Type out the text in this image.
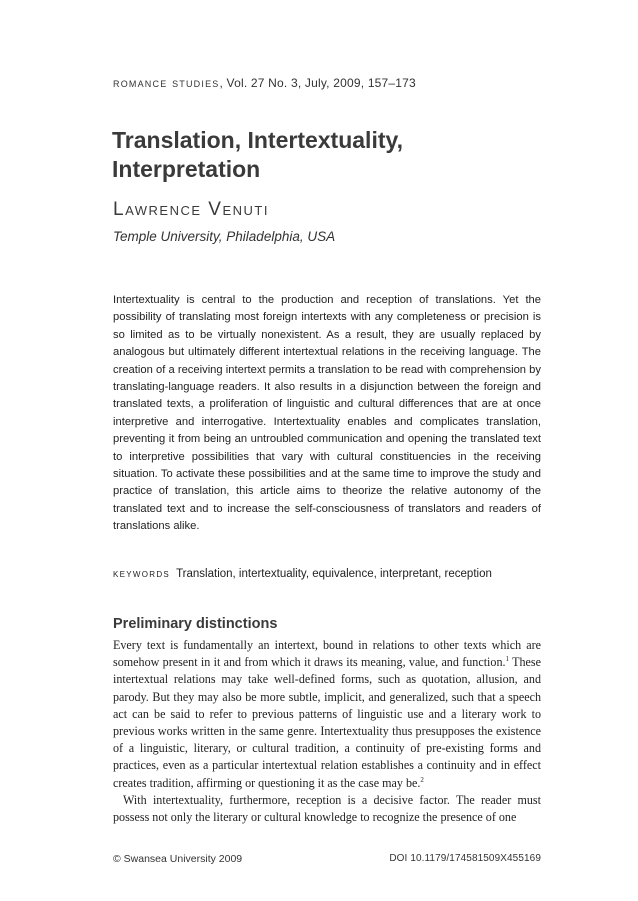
romance studies, Vol. 27 No. 3, July, 2009, 157–173
Translation, Intertextuality, Interpretation

Lawrence Venuti

Temple University, Philadelphia, USA

Intertextuality is central to the production and reception of translations. Yet the possibility of translating most foreign intertexts with any completeness or precision is so limited as to be virtually nonexistent. As a result, they are usually replaced by analogous but ultimately different intertextual relations in the receiving language. The creation of a receiving intertext permits a translation to be read with comprehension by translating-language readers. It also results in a disjunction between the foreign and translated texts, a proliferation of linguistic and cultural differences that are at once interpretive and interrogative. Intertextuality enables and complicates translation, preventing it from being an untroubled communication and opening the translated text to interpretive possibilities that vary with cultural constituencies in the receiving situation. To activate these possibilities and at the same time to improve the study and practice of translation, this article aims to theorize the relative autonomy of the translated text and to increase the self-consciousness of translators and readers of translations alike.

keywords Translation, intertextuality, equivalence, interpretant, reception

Preliminary distinctions

Every text is fundamentally an intertext, bound in relations to other texts which are somehow present in it and from which it draws its meaning, value, and function.$^1$ These intertextual relations may take well-defined forms, such as quotation, allusion, and parody. But they may also be more subtle, implicit, and generalized, such that a speech act can be said to refer to previous patterns of linguistic use and a literary work to previous works written in the same genre. Intertextuality thus presupposes the existence of a linguistic, literary, or cultural tradition, a continuity of pre-existing forms and practices, even as a particular intertextual relation establishes a continuity and in effect creates tradition, affirming or questioning it as the case may be.$^2$

With intertextuality, furthermore, reception is a decisive factor. The reader must possess not only the literary or cultural knowledge to recognize the presence of one

© Swansea University 2009	DOI 10.1179/174581509X455169
